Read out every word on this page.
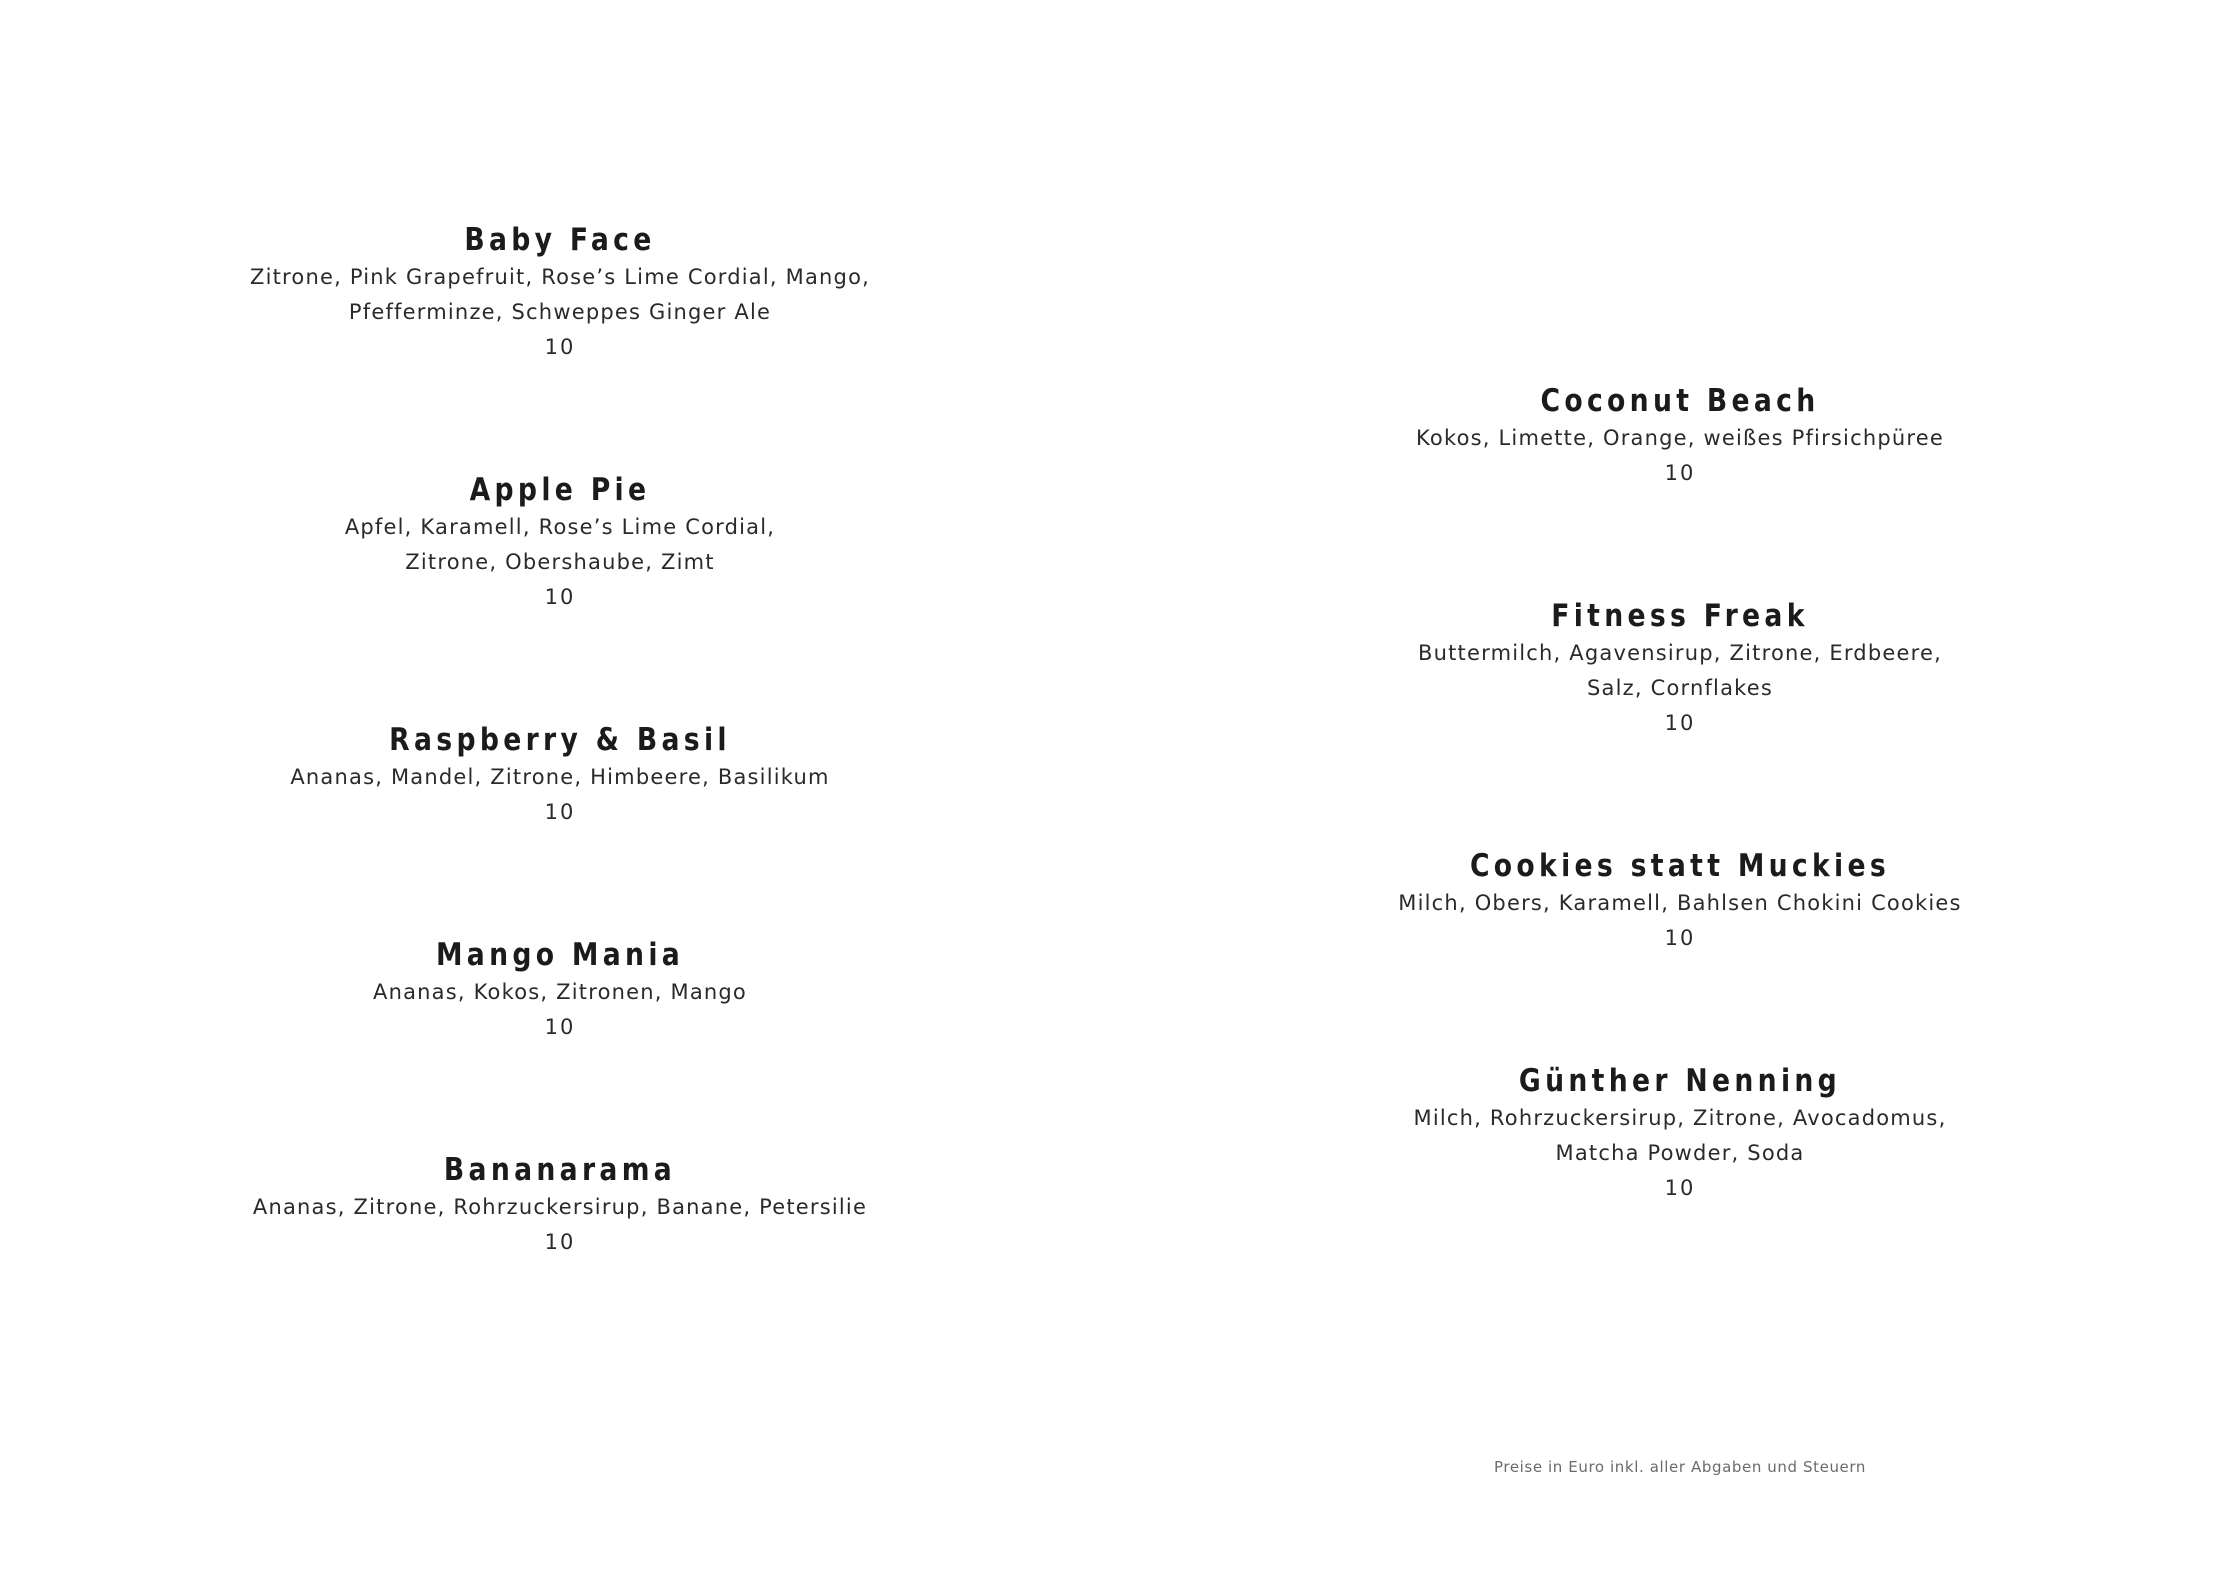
Baby Face
Zitrone, Pink Grapefruit, Rose’s Lime Cordial, Mango,
Pfefferminze, Schweppes Ginger Ale
10
Apple Pie
Apfel, Karamell, Rose’s Lime Cordial,
Zitrone, Obershaube, Zimt
10
Raspberry & Basil
Ananas, Mandel, Zitrone, Himbeere, Basilikum
10
Mango Mania
Ananas, Kokos, Zitronen, Mango
10
Bananarama
Ananas, Zitrone, Rohrzuckersirup, Banane, Petersilie
10
Coconut Beach
Kokos, Limette, Orange, weißes Pfirsichpüree
10
Fitness Freak
Buttermilch, Agavensirup, Zitrone, Erdbeere,
Salz, Cornflakes
10
Cookies statt Muckies
Milch, Obers, Karamell, Bahlsen Chokini Cookies
10
Günther Nenning
Milch, Rohrzuckersirup, Zitrone, Avocadomus,
Matcha Powder, Soda
10
Preise in Euro inkl. aller Abgaben und Steuern
